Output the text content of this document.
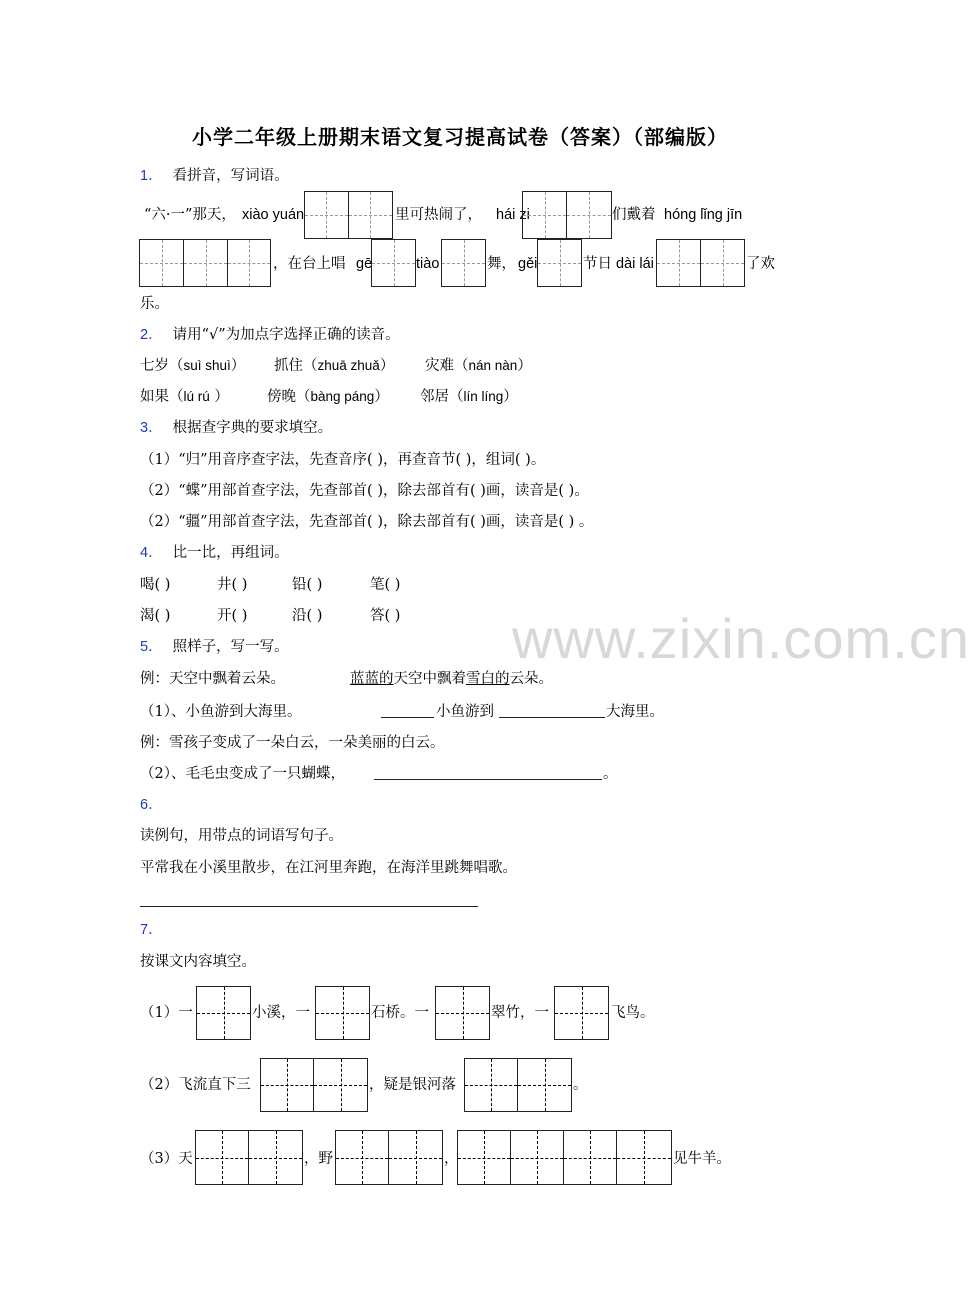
小学二年级上册期末语文复习提高试卷（答案）（部编版）
www.zixin.com.cn
1． 看拼音，写词语。
“六·一”那天， xiào yuán	里可热闹了， hái zi	们戴着 hóng lǐng jīn
，在台上唱 gē	tiào	舞， gěi	节日 dài lái	了欢
乐。
2． 请用“√”为加点字选择正确的读音。
七岁（suì shuì） 抓住（zhuā zhuǎ） 灾难（nán nàn）
如果（lú rú ）	傍晚（bàng páng） 邻居（lín líng）
3． 根据查字典的要求填空。
（1）“归”用音序查字法，先查音序( )，再查音节( )，组词( )。
（2）“蝶”用部首查字法，先查部首( )，除去部首有( )画，读音是( )。
（2）“疆”用部首查字法，先查部首( )，除去部首有( )画，读音是( ) 。
4． 比一比，再组词。
喝( )	井( )	铅( )	笔( )
渴( )	开( )	沿( )	答( )
5． 照样子，写一写。
例：天空中飘着云朵。	蓝蓝的天空中飘着雪白的云朵。
（1）、小鱼游到大海里。	小鱼游到	大海里。
例：雪孩子变成了一朵白云，一朵美丽的白云。
（2）、毛毛虫变成了一只蝴蝶，	。
6．
读例句，用带点的词语写句子。
平常我在小溪里散步，在江河里奔跑，在海洋里跳舞唱歌。
7．
按课文内容填空。
（1）一	小溪，一	石桥。一	翠竹，一	飞鸟。
（2）飞流直下三	，疑是银河落	。
（3）天	，野	，	见牛羊。
